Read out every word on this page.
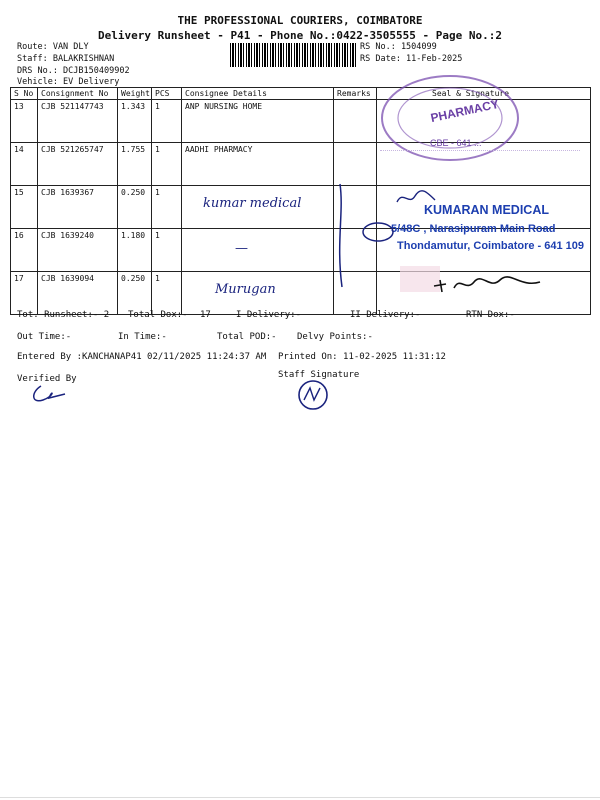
THE PROFESSIONAL COURIERS, COIMBATORE
Delivery Runsheet - P41 - Phone No.:0422-3505555 - Page No.:2
Route: VAN DLY
Staff: BALAKRISHNAN
DRS No.: DCJB150409902
Vehicle: EV Delivery
RS No.: 1504099
RS Date: 11-Feb-2025
S No	Consignment No	Weight	PCS	Consignee Details	Remarks	Seal & Signature
13	CJB 521147743	1.343	1	ANP NURSING HOME		
14	CJB 521265747	1.755	1	AADHI PHARMACY		
15	CJB 1639367	0.250	1	kumar medical		
16	CJB 1639240	1.180	1	—		
17	CJB 1639094	0.250	1	Murugan		
PHARMACY
CBE - 641 ...
KUMARAN MEDICAL
5/48C , Narasipuram Main Road
Thondamutur, Coimbatore - 641 109
Tot. Runsheet:- 2 Total Dox:- 17	I Delivery:-	II Delivery:-	RTN Dox:-
Out Time:-	In Time:-	Total POD:- Delvy Points:-
Entered By :KANCHANAP41 02/11/2025 11:24:37 AM Printed On: 11-02-2025 11:31:12
Verified By	Staff Signature
